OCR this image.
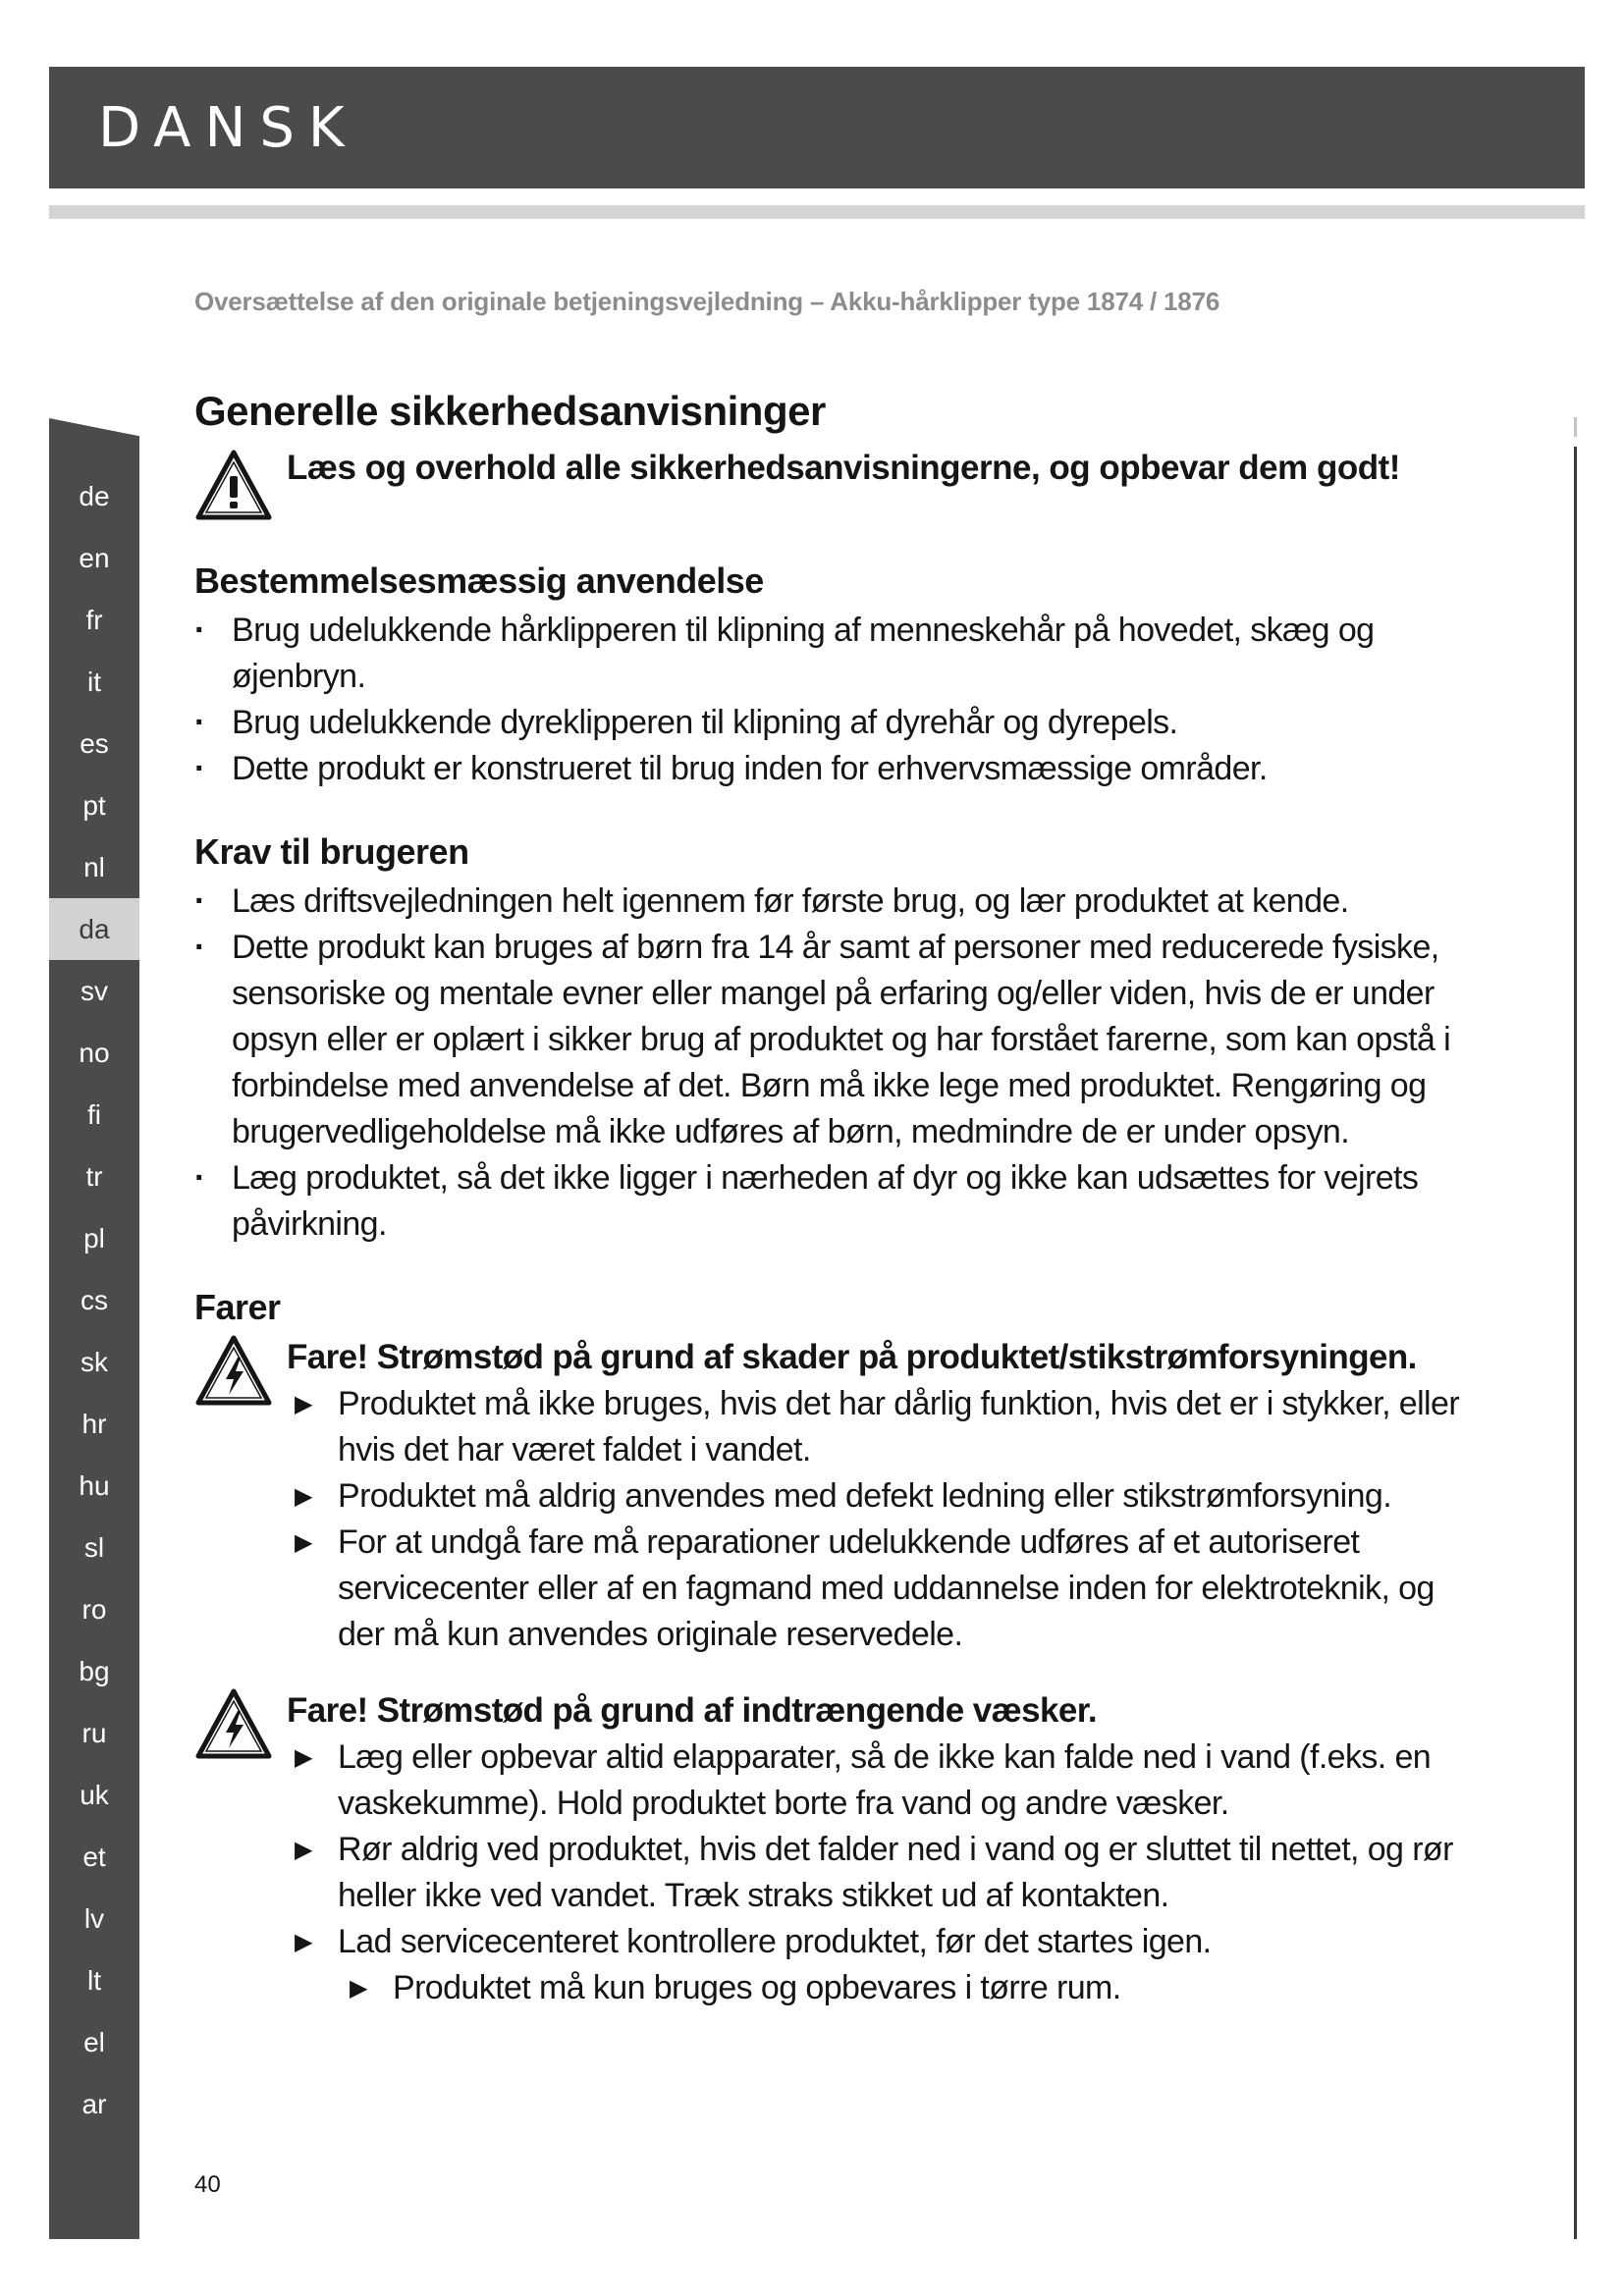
DANSK
de
en
fr
it
es
pt
nl
da
sv
no
fi
tr
pl
cs
sk
hr
hu
sl
ro
bg
ru
uk
et
lv
lt
el
ar

Oversættelse af den originale betjeningsvejledning – Akku-hårklipper type 1874 / 1876

Generelle sikkerhedsanvisninger
Læs og overhold alle sikkerhedsanvisningerne, og opbevar dem godt!
Bestemmelsesmæssig anvendelse
· Brug udelukkende hårklipperen til klipning af menneskehår på hovedet, skæg og øjenbryn.
· Brug udelukkende dyreklipperen til klipning af dyrehår og dyrepels.
· Dette produkt er konstrueret til brug inden for erhvervsmæssige områder.
Krav til brugeren
· Læs driftsvejledningen helt igennem før første brug, og lær produktet at kende.
· Dette produkt kan bruges af børn fra 14 år samt af personer med reducerede fysiske, sensoriske og mentale evner eller mangel på erfaring og/eller viden, hvis de er under opsyn eller er oplært i sikker brug af produktet og har forstået farerne, som kan opstå i forbindelse med anvendelse af det. Børn må ikke lege med produktet. Rengøring og brugervedligeholdelse må ikke udføres af børn, medmindre de er under opsyn.
· Læg produktet, så det ikke ligger i nærheden af dyr og ikke kan udsættes for vejrets påvirkning.
Farer
Fare! Strømstød på grund af skader på produktet/stikstrømforsyningen.
▶ Produktet må ikke bruges, hvis det har dårlig funktion, hvis det er i stykker, eller hvis det har været faldet i vandet.
▶ Produktet må aldrig anvendes med defekt ledning eller stikstrømforsyning.
▶ For at undgå fare må reparationer udelukkende udføres af et autoriseret servicecenter eller af en fagmand med uddannelse inden for elektroteknik, og der må kun anvendes originale reservedele.
Fare! Strømstød på grund af indtrængende væsker.
▶ Læg eller opbevar altid elapparater, så de ikke kan falde ned i vand (f.eks. en vaskekumme). Hold produktet borte fra vand og andre væsker.
▶ Rør aldrig ved produktet, hvis det falder ned i vand og er sluttet til nettet, og rør heller ikke ved vandet. Træk straks stikket ud af kontakten.
▶ Lad servicecenteret kontrollere produktet, før det startes igen.
▶ Produktet må kun bruges og opbevares i tørre rum.

40
